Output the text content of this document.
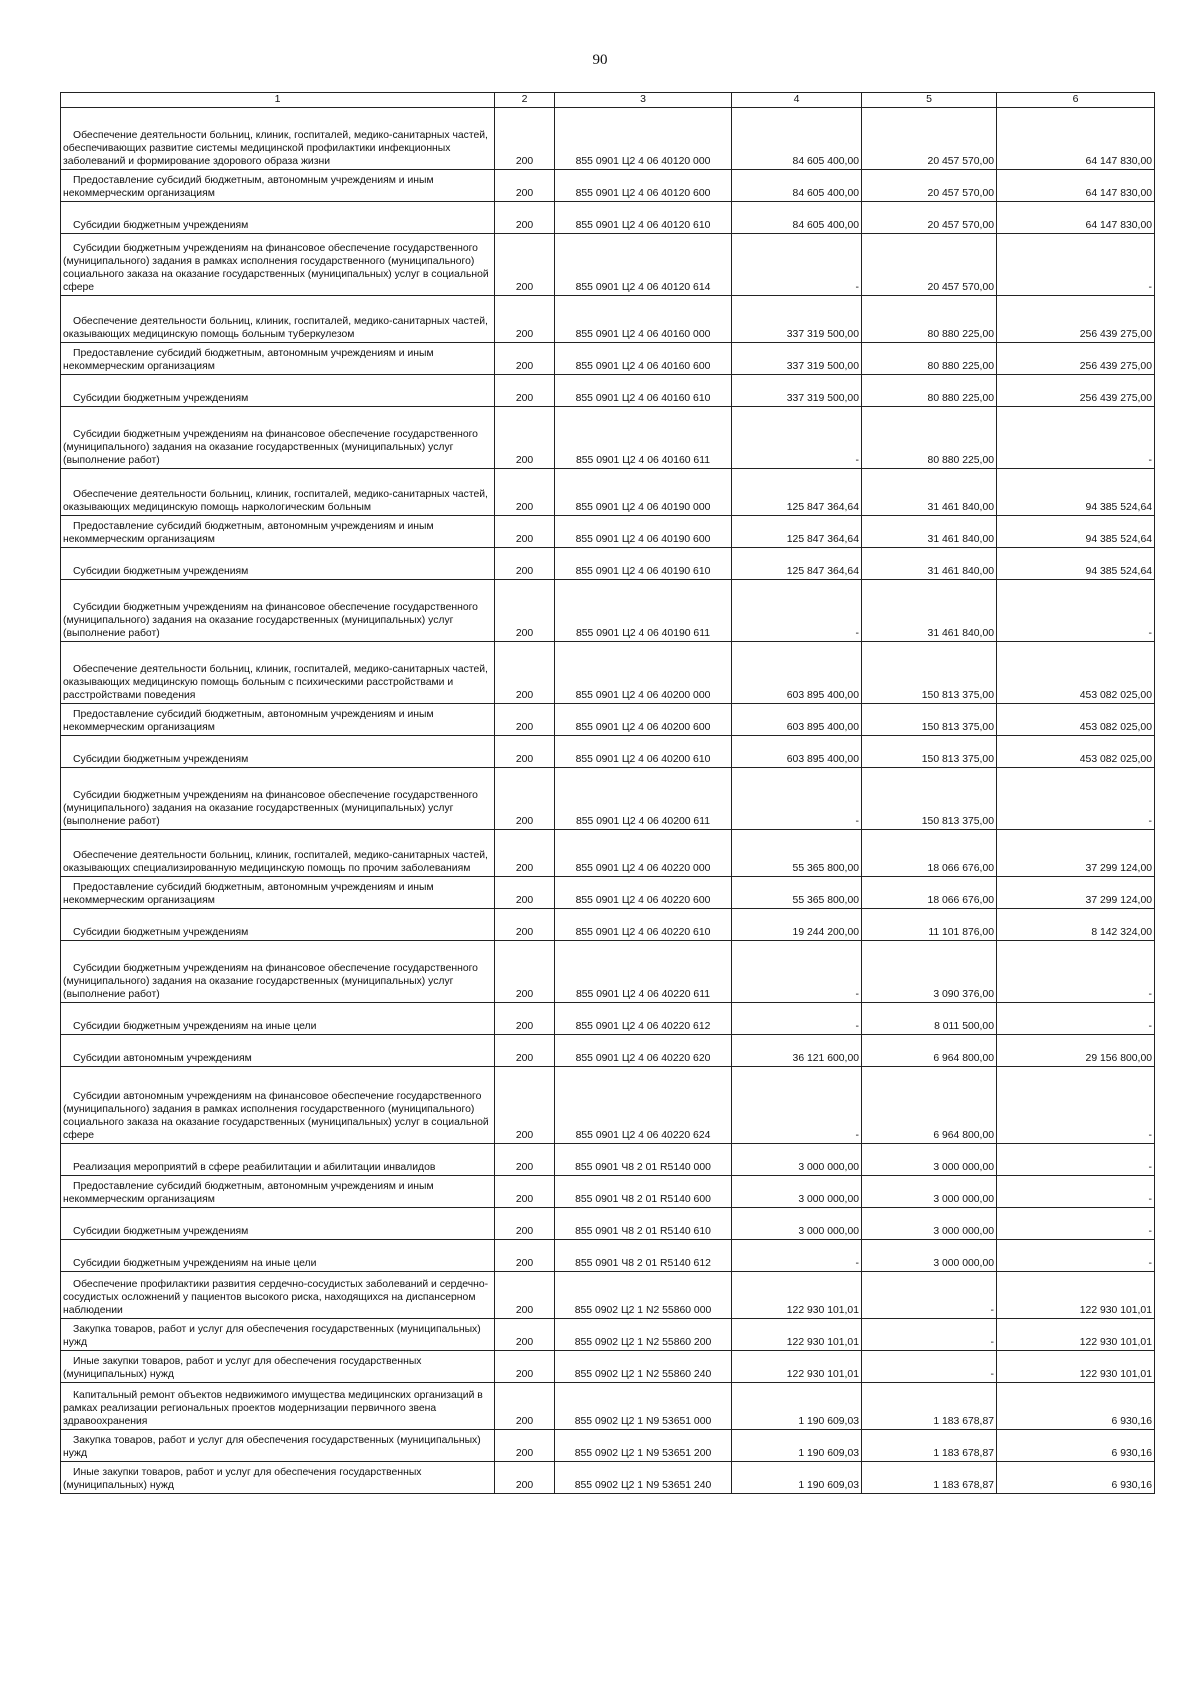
90
1	2	3	4	5	6

Обеспечение деятельности больниц, клиник, госпиталей, медико-санитарных частей, обеспечивающих развитие системы медицинской профилактики инфекционных заболеваний и формирование здорового образа жизни	200	855 0901 Ц2 4 06 40120 000	84 605 400,00	20 457 570,00	64 147 830,00

Предоставление субсидий бюджетным, автономным учреждениям и иным некоммерческим организациям	200	855 0901 Ц2 4 06 40120 600	84 605 400,00	20 457 570,00	64 147 830,00

Субсидии бюджетным учреждениям	200	855 0901 Ц2 4 06 40120 610	84 605 400,00	20 457 570,00	64 147 830,00

Субсидии бюджетным учреждениям на финансовое обеспечение государственного (муниципального) задания в рамках исполнения государственного (муниципального) социального заказа на оказание государственных (муниципальных) услуг в социальной сфере	200	855 0901 Ц2 4 06 40120 614	-	20 457 570,00	-

Обеспечение деятельности больниц, клиник, госпиталей, медико-санитарных частей, оказывающих медицинскую помощь больным туберкулезом	200	855 0901 Ц2 4 06 40160 000	337 319 500,00	80 880 225,00	256 439 275,00

Предоставление субсидий бюджетным, автономным учреждениям и иным некоммерческим организациям	200	855 0901 Ц2 4 06 40160 600	337 319 500,00	80 880 225,00	256 439 275,00

Субсидии бюджетным учреждениям	200	855 0901 Ц2 4 06 40160 610	337 319 500,00	80 880 225,00	256 439 275,00

Субсидии бюджетным учреждениям на финансовое обеспечение государственного (муниципального) задания на оказание государственных (муниципальных) услуг (выполнение работ)	200	855 0901 Ц2 4 06 40160 611	-	80 880 225,00	-

Обеспечение деятельности больниц, клиник, госпиталей, медико-санитарных частей, оказывающих медицинскую помощь наркологическим больным	200	855 0901 Ц2 4 06 40190 000	125 847 364,64	31 461 840,00	94 385 524,64

Предоставление субсидий бюджетным, автономным учреждениям и иным некоммерческим организациям	200	855 0901 Ц2 4 06 40190 600	125 847 364,64	31 461 840,00	94 385 524,64

Субсидии бюджетным учреждениям	200	855 0901 Ц2 4 06 40190 610	125 847 364,64	31 461 840,00	94 385 524,64

Субсидии бюджетным учреждениям на финансовое обеспечение государственного (муниципального) задания на оказание государственных (муниципальных) услуг (выполнение работ)	200	855 0901 Ц2 4 06 40190 611	-	31 461 840,00	-

Обеспечение деятельности больниц, клиник, госпиталей, медико-санитарных частей, оказывающих медицинскую помощь больным с психическими расстройствами и расстройствами поведения	200	855 0901 Ц2 4 06 40200 000	603 895 400,00	150 813 375,00	453 082 025,00

Предоставление субсидий бюджетным, автономным учреждениям и иным некоммерческим организациям	200	855 0901 Ц2 4 06 40200 600	603 895 400,00	150 813 375,00	453 082 025,00

Субсидии бюджетным учреждениям	200	855 0901 Ц2 4 06 40200 610	603 895 400,00	150 813 375,00	453 082 025,00

Субсидии бюджетным учреждениям на финансовое обеспечение государственного (муниципального) задания на оказание государственных (муниципальных) услуг (выполнение работ)	200	855 0901 Ц2 4 06 40200 611	-	150 813 375,00	-

Обеспечение деятельности больниц, клиник, госпиталей, медико-санитарных частей, оказывающих специализированную медицинскую помощь по прочим заболеваниям	200	855 0901 Ц2 4 06 40220 000	55 365 800,00	18 066 676,00	37 299 124,00

Предоставление субсидий бюджетным, автономным учреждениям и иным некоммерческим организациям	200	855 0901 Ц2 4 06 40220 600	55 365 800,00	18 066 676,00	37 299 124,00

Субсидии бюджетным учреждениям	200	855 0901 Ц2 4 06 40220 610	19 244 200,00	11 101 876,00	8 142 324,00

Субсидии бюджетным учреждениям на финансовое обеспечение государственного (муниципального) задания на оказание государственных (муниципальных) услуг (выполнение работ)	200	855 0901 Ц2 4 06 40220 611	-	3 090 376,00	-

Субсидии бюджетным учреждениям на иные цели	200	855 0901 Ц2 4 06 40220 612	-	8 011 500,00	-

Субсидии автономным учреждениям	200	855 0901 Ц2 4 06 40220 620	36 121 600,00	6 964 800,00	29 156 800,00

Субсидии автономным учреждениям на финансовое обеспечение государственного (муниципального) задания в рамках исполнения государственного (муниципального) социального заказа на оказание государственных (муниципальных) услуг в социальной сфере	200	855 0901 Ц2 4 06 40220 624	-	6 964 800,00	-

Реализация мероприятий в сфере реабилитации и абилитации инвалидов	200	855 0901 Ч8 2 01 R5140 000	3 000 000,00	3 000 000,00	-

Предоставление субсидий бюджетным, автономным учреждениям и иным некоммерческим организациям	200	855 0901 Ч8 2 01 R5140 600	3 000 000,00	3 000 000,00	-

Субсидии бюджетным учреждениям	200	855 0901 Ч8 2 01 R5140 610	3 000 000,00	3 000 000,00	-

Субсидии бюджетным учреждениям на иные цели	200	855 0901 Ч8 2 01 R5140 612	-	3 000 000,00	-

Обеспечение профилактики развития сердечно-сосудистых заболеваний и сердечно-сосудистых осложнений у пациентов высокого риска, находящихся на диспансерном наблюдении	200	855 0902 Ц2 1 N2 55860 000	122 930 101,01	-	122 930 101,01

Закупка товаров, работ и услуг для обеспечения государственных (муниципальных) нужд	200	855 0902 Ц2 1 N2 55860 200	122 930 101,01	-	122 930 101,01

Иные закупки товаров, работ и услуг для обеспечения государственных (муниципальных) нужд	200	855 0902 Ц2 1 N2 55860 240	122 930 101,01	-	122 930 101,01

Капитальный ремонт объектов недвижимого имущества медицинских организаций в рамках реализации региональных проектов модернизации первичного звена здравоохранения	200	855 0902 Ц2 1 N9 53651 000	1 190 609,03	1 183 678,87	6 930,16

Закупка товаров, работ и услуг для обеспечения государственных (муниципальных) нужд	200	855 0902 Ц2 1 N9 53651 200	1 190 609,03	1 183 678,87	6 930,16

Иные закупки товаров, работ и услуг для обеспечения государственных (муниципальных) нужд	200	855 0902 Ц2 1 N9 53651 240	1 190 609,03	1 183 678,87	6 930,16
